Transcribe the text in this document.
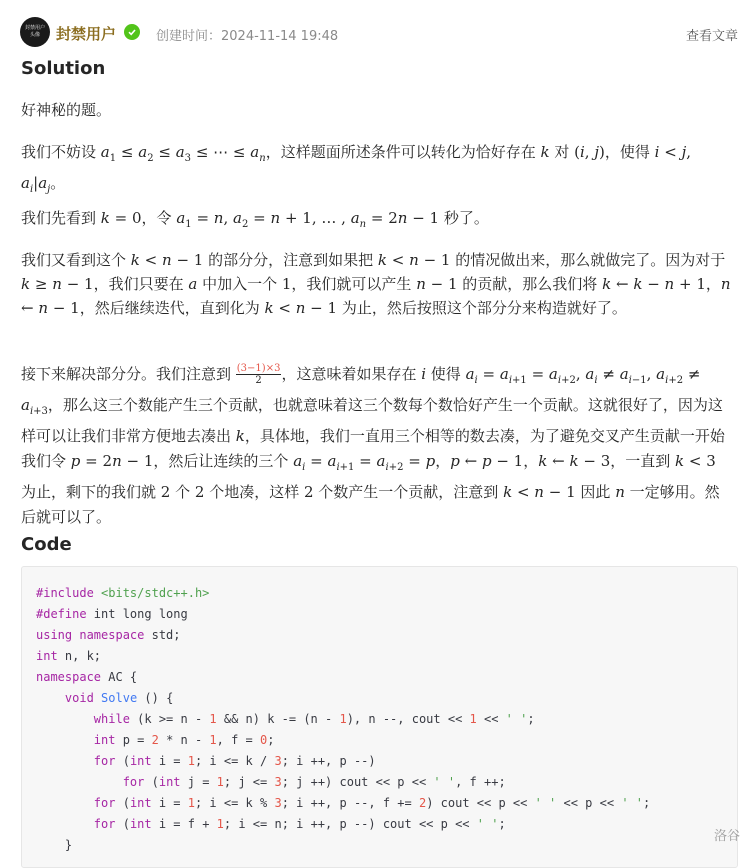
封禁用户头像	封禁用户	创建时间：2024-11-14 19:48	查看文章
Solution

好神秘的题。

我们不妨设 $a_1 \le a_2 \le a_3$ ≤ ⋯ ≤ $a_n$，这样题面所述条件可以转化为恰好存在 k 对 (i, j)，使得 i < j, $a_i|a_j$。

我们先看到 k = 0，令 $a_1 = n$, $a_2 = n + 1$, … , $a_n = 2n - 1$ 秒了。

我们又看到这个 k < n − 1 的部分分，注意到如果把 k < n − 1 的情况做出来，那么就做完了。因为对于 k ≥ n − 1，我们只要在 a 中加入一个 1，我们就可以产生 n − 1 的贡献，那么我们将 k ← k − n + 1，n ← n − 1，然后继续迭代，直到化为 k < n − 1 为止，然后按照这个部分分来构造就好了。

接下来解决部分分。我们注意到 $\frac{(3-1)\times 3}{2}$ ，这意味着如果存在 i 使得 $a_i = a_{i+1} = a_{i+2}$, $a_i \ne a_{i-1}$, $a_{i+2} \ne a_{i+3}$，那么这三个数能产生三个贡献，也就意味着这三个数每个数恰好产生一个贡献。这就很好了，因为这样可以让我们非常方便地去凑出 k，具体地，我们一直用三个相等的数去凑，为了避免交叉产生贡献一开始我们令 p = 2n − 1，然后让连续的三个 $a_i = a_{i+1} = a_{i+2} = p$，p ← p − 1，k ← k − 3，一直到 k < 3 为止，剩下的我们就 2 个 2 个地凑，这样 2 个数产生一个贡献，注意到 k < n − 1 因此 n 一定够用。然后就可以了。

Code
#include <bits/stdc++.h>
#define int long long
using namespace std;
int n, k;
namespace AC {
void Solve () {
while (k >= n - 1 && n) k -= (n - 1), n --, cout << 1 << ' ';
int p = 2 * n - 1, f = 0;
for (int i = 1; i <= k / 3; i ++, p --)
for (int j = 1; j <= 3; j ++) cout << p << ' ', f ++;
for (int i = 1; i <= k % 3; i ++, p --, f += 2) cout << p << ' ' << p << ' ';
for (int i = f + 1; i <= n; i ++, p --) cout << p << ' ';
}
洛谷
